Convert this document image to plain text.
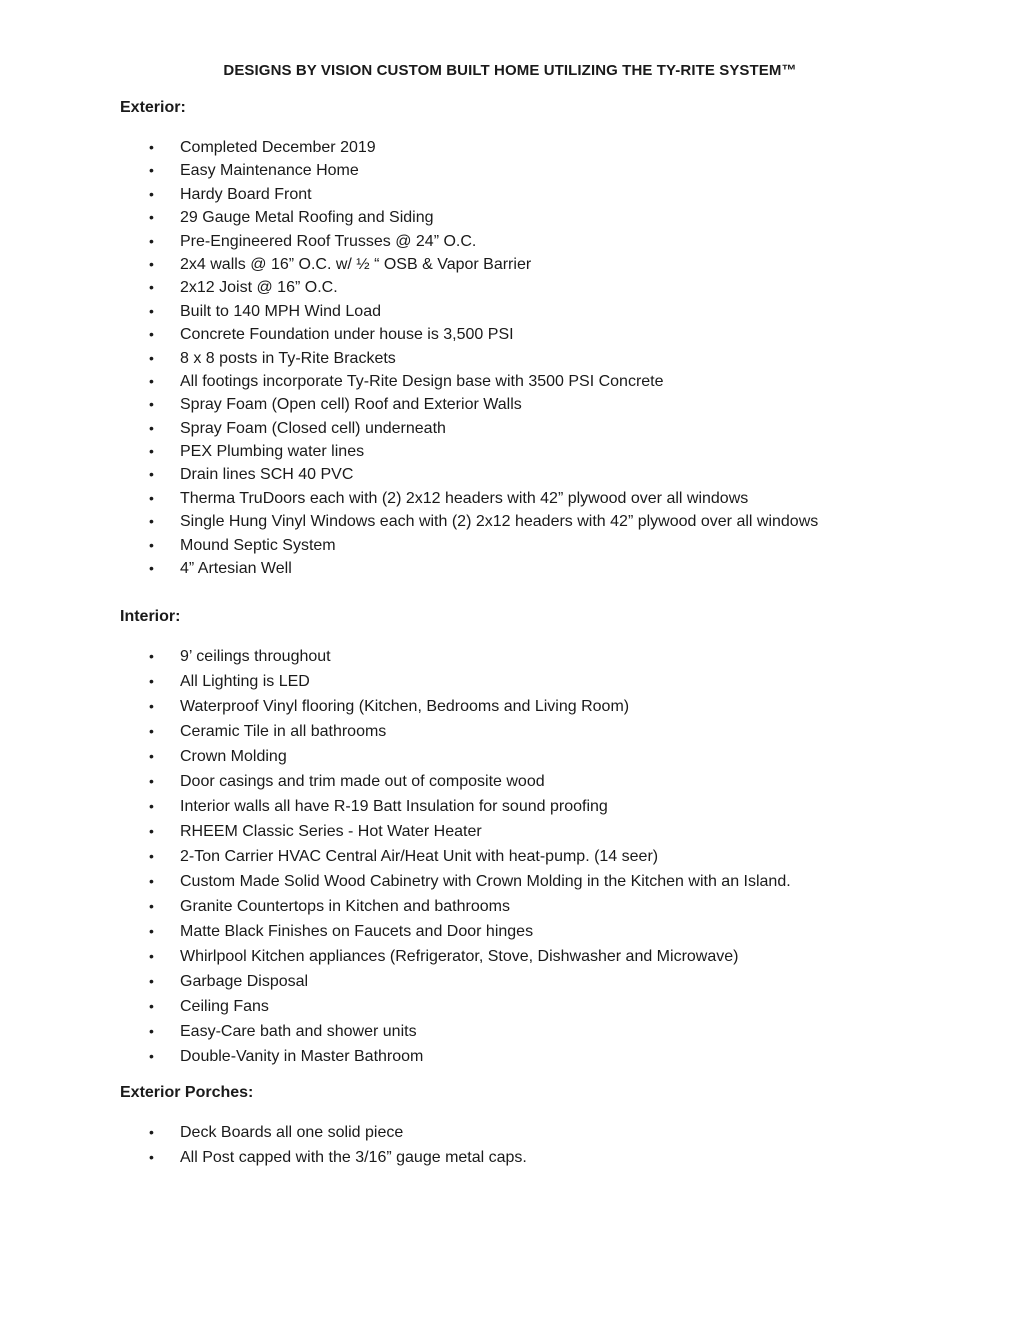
DESIGNS BY VISION CUSTOM BUILT HOME UTILIZING THE TY-RITE SYSTEM™
Exterior:
• Completed December 2019
• Easy Maintenance Home
• Hardy Board Front
• 29 Gauge Metal Roofing and Siding
• Pre-Engineered Roof Trusses @ 24” O.C.
• 2x4 walls @ 16” O.C. w/ ½ “ OSB & Vapor Barrier
• 2x12 Joist @ 16” O.C.
• Built to 140 MPH Wind Load
• Concrete Foundation under house is 3,500 PSI
• 8 x 8 posts in Ty-Rite Brackets
• All footings incorporate Ty-Rite Design base with 3500 PSI Concrete
• Spray Foam (Open cell) Roof and Exterior Walls
• Spray Foam (Closed cell) underneath
• PEX Plumbing water lines
• Drain lines SCH 40 PVC
• Therma TruDoors each with (2) 2x12 headers with 42” plywood over all windows
• Single Hung Vinyl Windows each with (2) 2x12 headers with 42” plywood over all windows
• Mound Septic System
• 4” Artesian Well
Interior:
• 9’ ceilings throughout
• All Lighting is LED
• Waterproof Vinyl flooring (Kitchen, Bedrooms and Living Room)
• Ceramic Tile in all bathrooms
• Crown Molding
• Door casings and trim made out of composite wood
• Interior walls all have R-19 Batt Insulation for sound proofing
• RHEEM Classic Series - Hot Water Heater
• 2-Ton Carrier HVAC Central Air/Heat Unit with heat-pump. (14 seer)
• Custom Made Solid Wood Cabinetry with Crown Molding in the Kitchen with an Island.
• Granite Countertops in Kitchen and bathrooms
• Matte Black Finishes on Faucets and Door hinges
• Whirlpool Kitchen appliances (Refrigerator, Stove, Dishwasher and Microwave)
• Garbage Disposal
• Ceiling Fans
• Easy-Care bath and shower units
• Double-Vanity in Master Bathroom
Exterior Porches:
• Deck Boards all one solid piece
• All Post capped with the 3/16” gauge metal caps.
